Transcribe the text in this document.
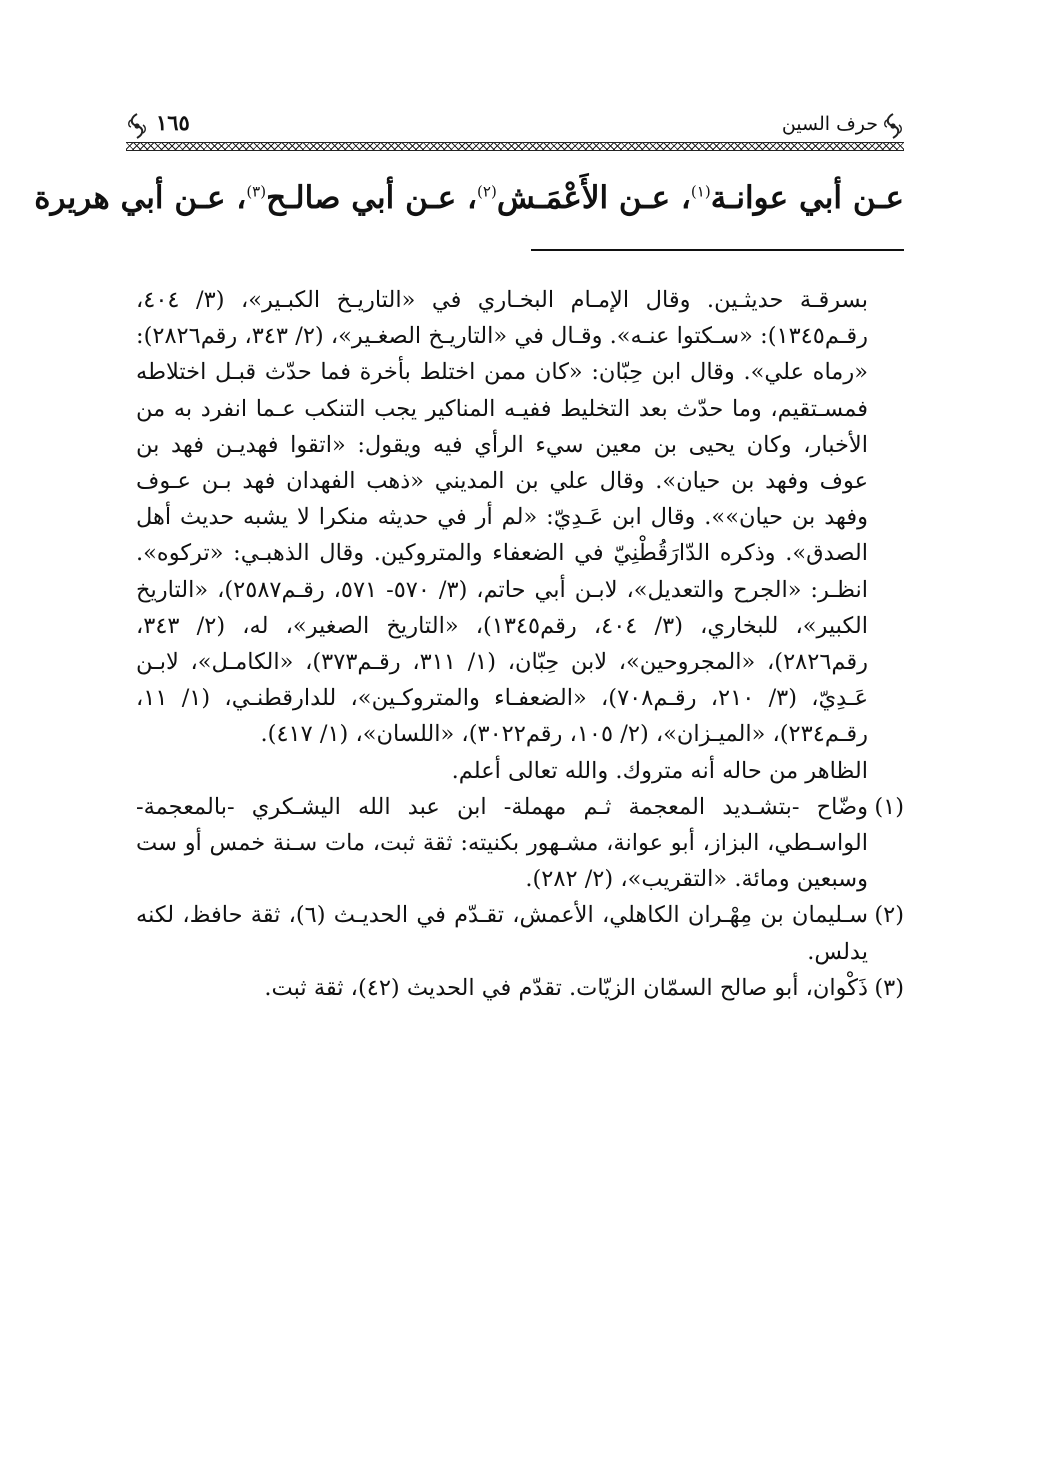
حرف السين
١٦٥
عـن أبي عوانـة$^{(١)}$، عـن الأَعْمَـش$^{(٢)}$، عـن أبي صالـح$^{(٣)}$، عـن أبي هريرة

بسرقـة حديثـين. وقال الإمـام البخـاري في «التاريـخ الكبـير»، (٣/ ٤٠٤، رقـم١٣٤٥): «سـكتوا عنـه». وقـال في «التاريـخ الصغـير»، (٢/ ٣٤٣، رقم٢٨٢٦): «رماه علي». وقال ابن حِبّان: «كان ممن اختلط بأخرة فما حدّث قبـل اختلاطه فمسـتقيم، وما حدّث بعد التخليط ففيـه المناكير يجب التنكب عـما انفرد به من الأخبار، وكان يحيى بن معين سيء الرأي فيه ويقول: «اتقوا فهديـن فهد بن عوف وفهد بن حيان». وقال علي بن المديني «ذهب الفهدان فهد بـن عـوف وفهد بن حيان»». وقال ابن عَـدِيّ: «لم أر في حديثه منكرا لا يشبه حديث أهل الصدق». وذكره الدّارَقُطْنِيّ في الضعفاء والمتروكين. وقال الذهبـي: «تركوه». انظـر: «الجرح والتعديل»، لابـن أبي حاتم، (٣/ ٥٧٠- ٥٧١، رقـم٢٥٨٧)، «التاريخ الكبير»، للبخاري، (٣/ ٤٠٤، رقم١٣٤٥)، «التاريخ الصغير»، له، (٢/ ٣٤٣، رقم٢٨٢٦)، «المجروحين»، لابن حِبّان، (١/ ٣١١، رقـم٣٧٣)، «الكامـل»، لابـن عَـدِيّ، (٣/ ٢١٠، رقـم٧٠٨)، «الضعفـاء والمتروكـين»، للدارقطنـي، (١/ ١١، رقـم٢٣٤)، «الميـزان»، (٢/ ١٠٥، رقم٣٠٢٢)، «اللسان»، (١/ ٤١٧).

الظاهر من حاله أنه متروك. والله تعالى أعلم.

(١)
وضّاح -بتشـديد المعجمة ثـم مهملة- ابن عبد الله اليشـكري -بالمعجمة- الواسـطي، البزاز، أبو عوانة، مشـهور بكنيته: ثقة ثبت، مات سـنة خمس أو ست وسبعين ومائة. «التقريب»، (٢/ ٢٨٢).
(٢)
سـليمان بن مِهْـران الكاهلي، الأعمش، تقـدّم في الحديـث (٦)، ثقة حافظ، لكنه يدلس.
(٣)
ذَكْوان، أبو صالح السمّان الزيّات. تقدّم في الحديث (٤٢)، ثقة ثبت.
